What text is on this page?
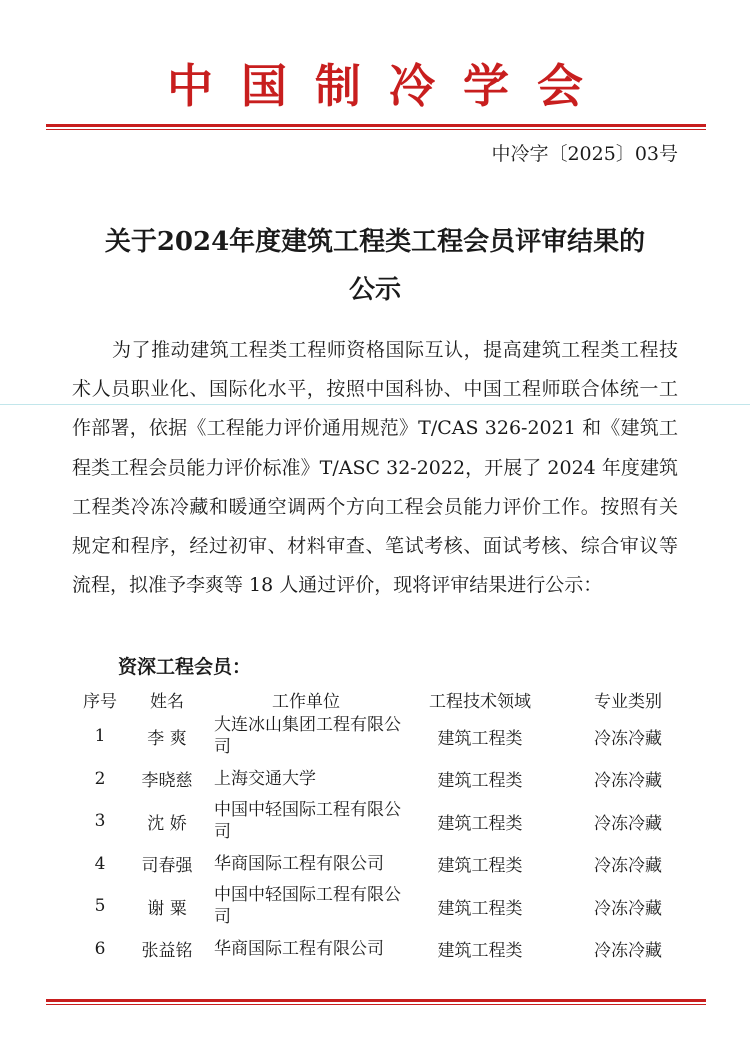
中国制冷学会
中冷字〔2025〕03号
关于2024年度建筑工程类工程会员评审结果的
公示

为了推动建筑工程类工程师资格国际互认，提高建筑工程类工程技术人员职业化、国际化水平，按照中国科协、中国工程师联合体统一工作部署，依据《工程能力评价通用规范》T/CAS 326-2021 和《建筑工程类工程会员能力评价标准》T/ASC 32-2022，开展了 2024 年度建筑工程类冷冻冷藏和暖通空调两个方向工程会员能力评价工作。按照有关规定和程序，经过初审、材料审查、笔试考核、面试考核、综合审议等流程，拟准予李爽等 18 人通过评价，现将评审结果进行公示：

资深工程会员：
序号	姓名	工作单位	工程技术领域	专业类别
1	李 爽	大连冰山集团工程有限公司	建筑工程类	冷冻冷藏
2	李晓慈	上海交通大学	建筑工程类	冷冻冷藏
3	沈 娇	中国中轻国际工程有限公司	建筑工程类	冷冻冷藏
4	司春强	华商国际工程有限公司	建筑工程类	冷冻冷藏
5	谢 粟	中国中轻国际工程有限公司	建筑工程类	冷冻冷藏
6	张益铭	华商国际工程有限公司	建筑工程类	冷冻冷藏
